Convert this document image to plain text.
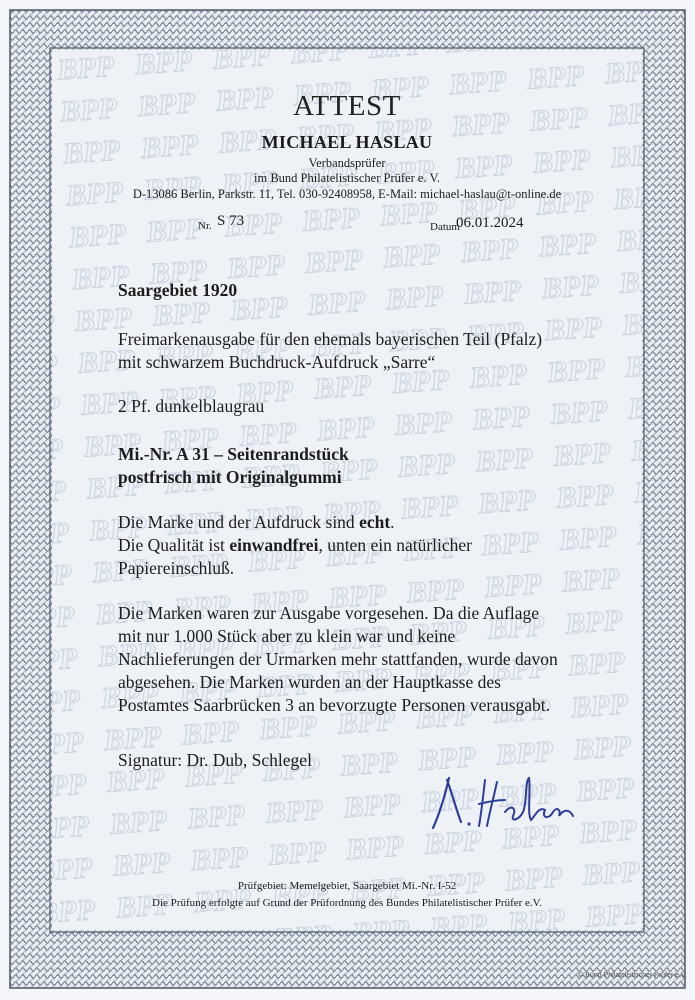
ATTEST
MICHAEL HASLAU
Verbandsprüfer
im Bund Philatelistischer Prüfer e. V.
D-13086 Berlin, Parkstr. 11, Tel. 030-92408958, E-Mail: michael-haslau@t-online.de
Nr. S 73	Datum
06.01.2024
Saargebiet 1920
Freimarkenausgabe für den ehemals bayerischen Teil (Pfalz)
mit schwarzem Buchdruck-Aufdruck „Sarre“
2 Pf. dunkelblaugrau
Mi.-Nr. A 31 – Seitenrandstück
postfrisch mit Originalgummi
Die Marke und der Aufdruck sind echt.
Die Qualität ist einwandfrei, unten ein natürlicher
Papiereinschluß.
Die Marken waren zur Ausgabe vorgesehen. Da die Auflage
mit nur 1.000 Stück aber zu klein war und keine
Nachlieferungen der Urmarken mehr stattfanden, wurde davon
abgesehen. Die Marken wurden an der Hauptkasse des
Postamtes Saarbrücken 3 an bevorzugte Personen verausgabt.
Signatur: Dr. Dub, Schlegel
Prüfgebiet: Memelgebiet, Saargebiet Mi.-Nr. I-52
Die Prüfung erfolgte auf Grund der Prüfordnung des Bundes Philatelistischer Prüfer e.V.
© Bund Philatelistischer Prüfer e.V.
